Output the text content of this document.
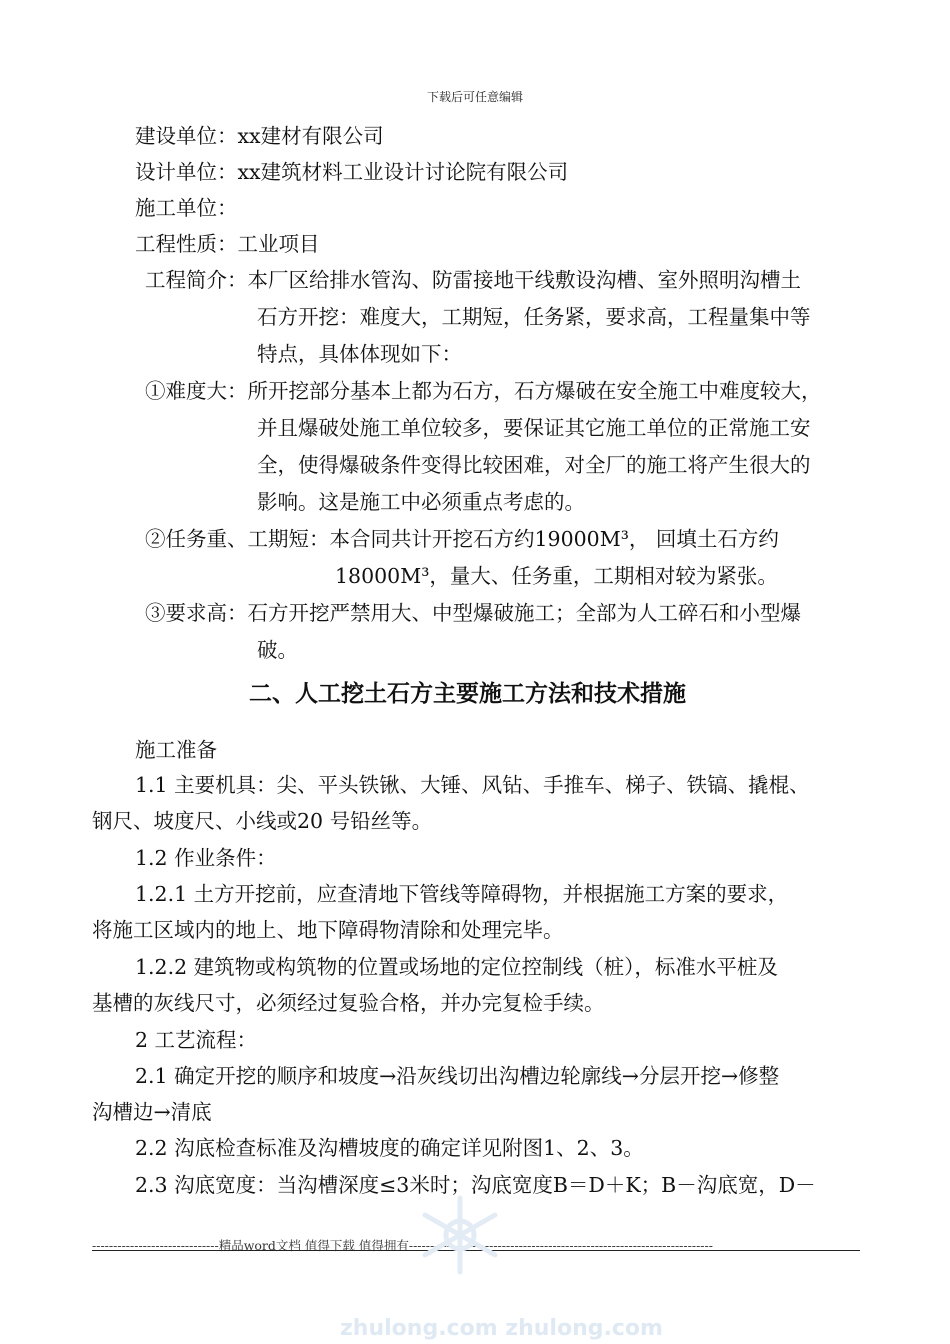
下载后可任意编辑
建设单位：xx建材有限公司
设计单位：xx建筑材料工业设计讨论院有限公司
施工单位：
工程性质：工业项目
工程简介：本厂区给排水管沟、防雷接地干线敷设沟槽、室外照明沟槽土
石方开挖：难度大，工期短，任务紧，要求高，工程量集中等
特点，具体体现如下：
①难度大：所开挖部分基本上都为石方，石方爆破在安全施工中难度较大，
并且爆破处施工单位较多，要保证其它施工单位的正常施工安
全，使得爆破条件变得比较困难，对全厂的施工将产生很大的
影响。这是施工中必须重点考虑的。
②任务重、工期短：本合同共计开挖石方约19000M³， 回填土石方约
18000M³，量大、任务重，工期相对较为紧张。
③要求高：石方开挖严禁用大、中型爆破施工；全部为人工碎石和小型爆
破。
二、人工挖土石方主要施工方法和技术措施
施工准备
1.1 主要机具：尖、平头铁锹、大锤、风钻、手推车、梯子、铁镐、撬棍、
钢尺、坡度尺、小线或20 号铅丝等。
1.2 作业条件：
1.2.1 土方开挖前，应查清地下管线等障碍物，并根据施工方案的要求，
将施工区域内的地上、地下障碍物清除和处理完毕。
1.2.2 建筑物或构筑物的位置或场地的定位控制线（桩），标准水平桩及
基槽的灰线尺寸，必须经过复验合格，并办完复检手续。
2 工艺流程：
2.1 确定开挖的顺序和坡度→沿灰线切出沟槽边轮廓线→分层开挖→修整
沟槽边→清底
2.2 沟底检查标准及沟槽坡度的确定详见附图1、2、3。
2.3 沟底宽度：当沟槽深度≤3米时；沟底宽度B＝D＋K；B－沟底宽，D－
------------------------------精品word文档 值得下载 值得拥有------------------------------------------------------------------------
zhulong.com zhulong.com
